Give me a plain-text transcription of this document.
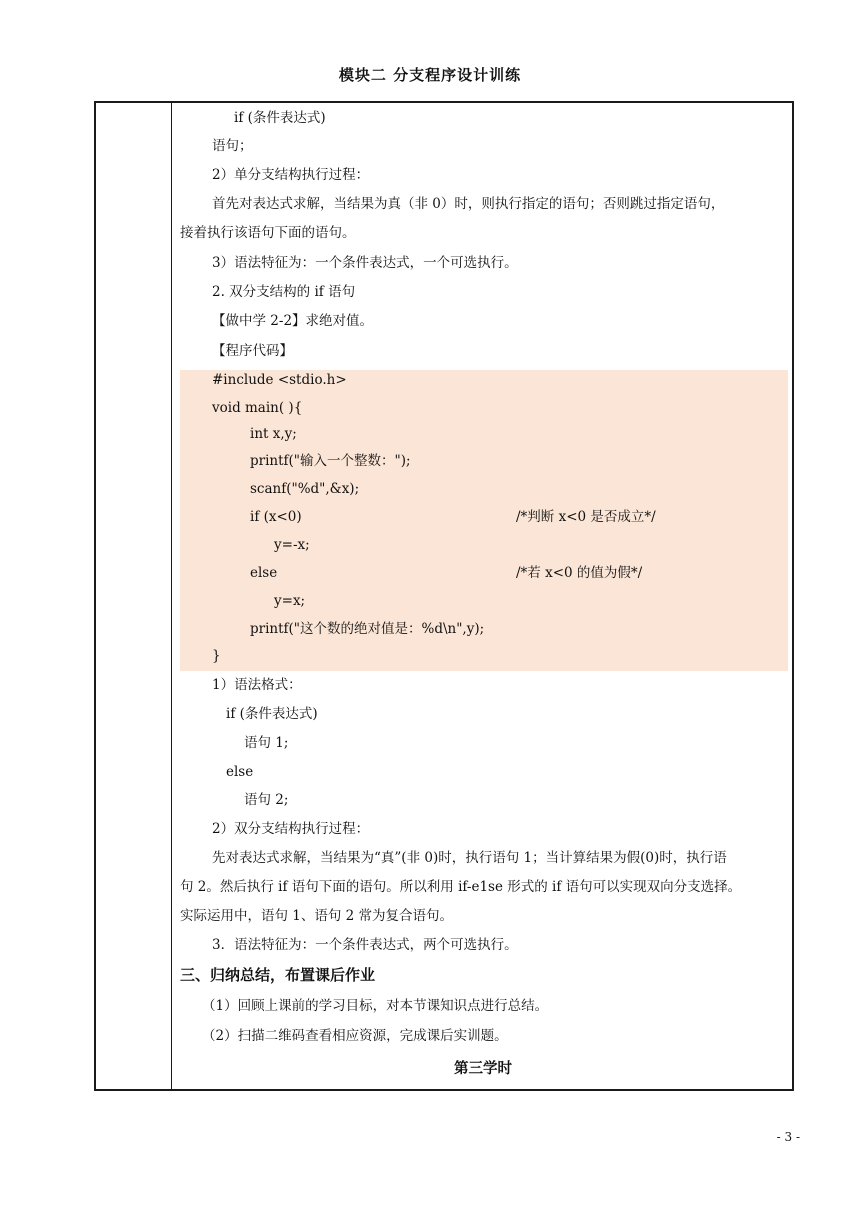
模块二 分支程序设计训练
if (条件表达式)
语句；
2）单分支结构执行过程：
首先对表达式求解，当结果为真（非 0）时，则执行指定的语句；否则跳过指定语句，
接着执行该语句下面的语句。
3）语法特征为：一个条件表达式，一个可选执行。
2. 双分支结构的 if 语句
【做中学 2-2】求绝对值。
【程序代码】
#include <stdio.h>
void main( ){
int x,y;
printf("输入一个整数：");
scanf("%d",&x);
if (x<0)	/*判断 x<0 是否成立*/
y=-x;
else	/*若 x<0 的值为假*/
y=x;
printf("这个数的绝对值是：%d\n",y);
}
1）语法格式：
if (条件表达式)
语句 1;
else
语句 2;
2）双分支结构执行过程：
先对表达式求解，当结果为“真”(非 0)时，执行语句 1；当计算结果为假(0)时，执行语
句 2。然后执行 if 语句下面的语句。所以利用 if-e1se 形式的 if 语句可以实现双向分支选择。
实际运用中，语句 1、语句 2 常为复合语句。
3．语法特征为：一个条件表达式，两个可选执行。
三、归纳总结，布置课后作业
（1）回顾上课前的学习目标，对本节课知识点进行总结。
（2）扫描二维码查看相应资源，完成课后实训题。
第三学时
- 3 -
